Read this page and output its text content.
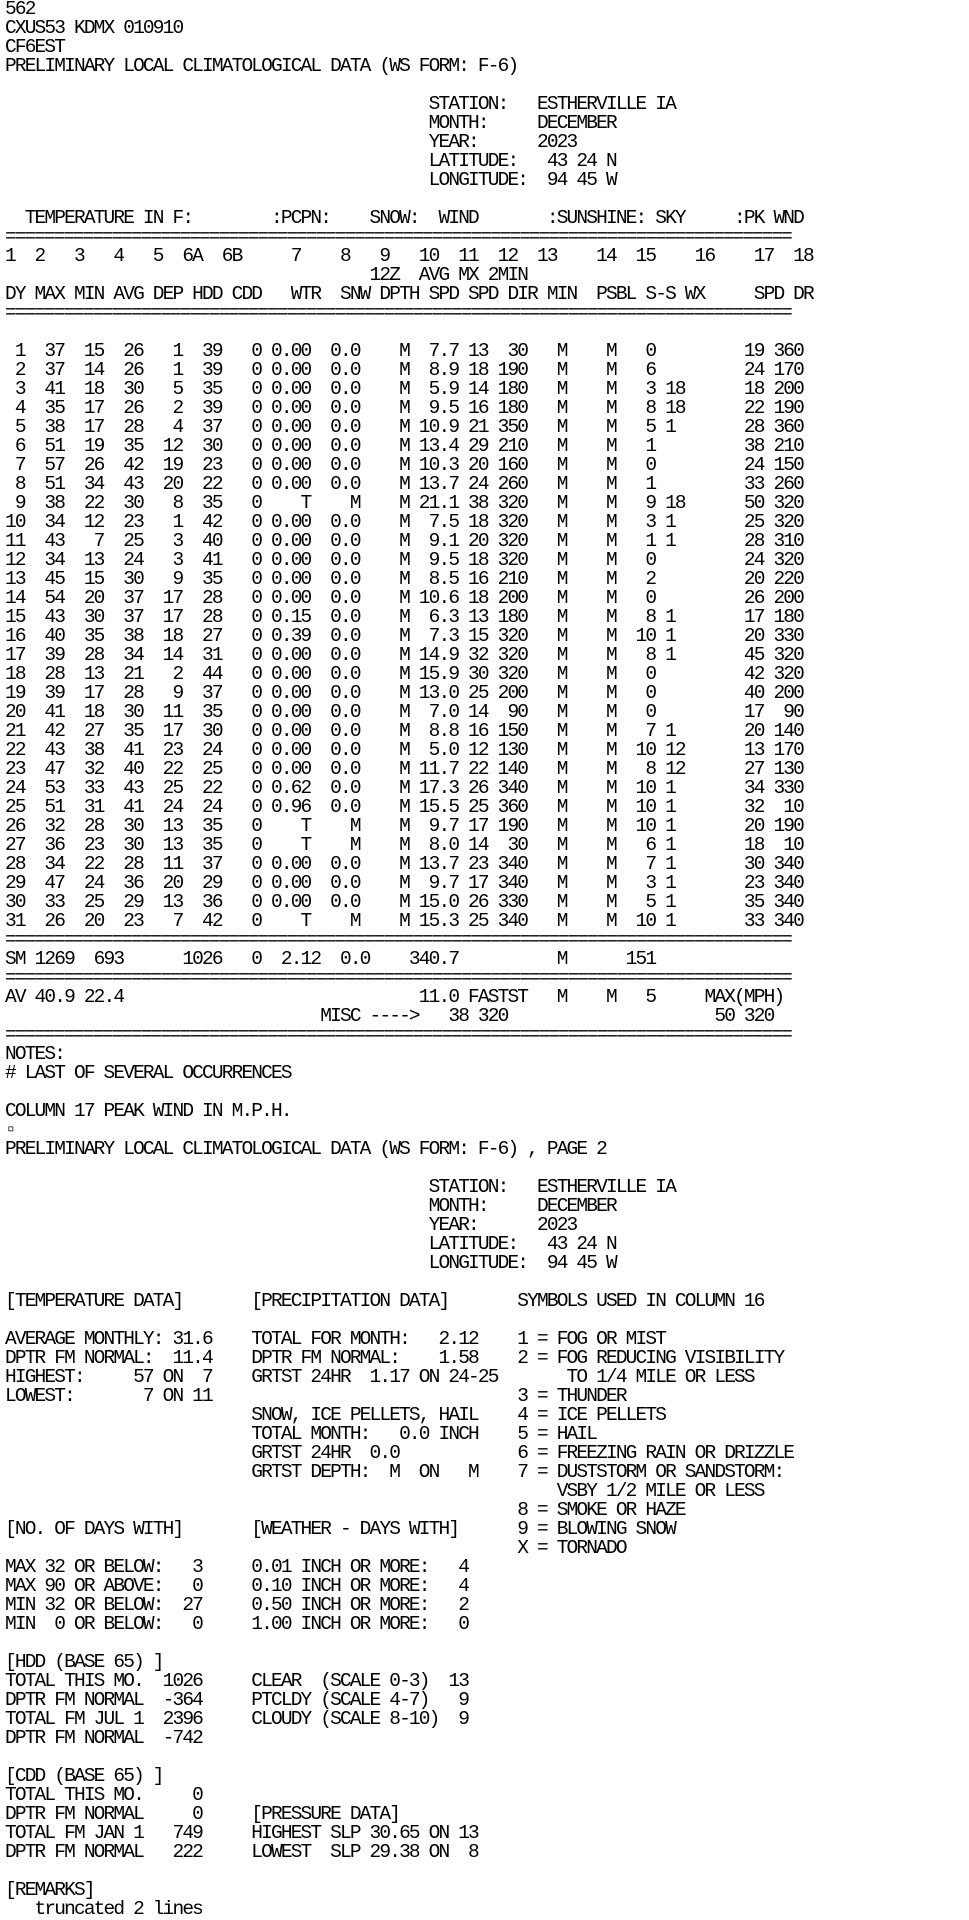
562
CXUS53 KDMX 010910
CF6EST
PRELIMINARY LOCAL CLIMATOLOGICAL DATA (WS FORM: F-6)
STATION:   ESTHERVILLE IA
MONTH:     DECEMBER
YEAR:      2023
LATITUDE:   43 24 N
LONGITUDE:  94 45 W
TEMPERATURE IN F:        :PCPN:    SNOW:  WIND       :SUNSHINE: SKY     :PK WND
=================================================================================
1  2   3   4   5  6A  6B     7    8   9   10  11  12  13    14  15    16    17  18
12Z  AVG MX 2MIN
DY MAX MIN AVG DEP HDD CDD   WTR  SNW DPTH SPD SPD DIR MIN  PSBL S-S WX     SPD DR
=================================================================================
1  37  15  26   1  39   0 0.00  0.0    M  7.7 13  30   M    M   0         19 360
2  37  14  26   1  39   0 0.00  0.0    M  8.9 18 190   M    M   6         24 170
3  41  18  30   5  35   0 0.00  0.0    M  5.9 14 180   M    M   3 18      18 200
4  35  17  26   2  39   0 0.00  0.0    M  9.5 16 180   M    M   8 18      22 190
5  38  17  28   4  37   0 0.00  0.0    M 10.9 21 350   M    M   5 1       28 360
6  51  19  35  12  30   0 0.00  0.0    M 13.4 29 210   M    M   1         38 210
7  57  26  42  19  23   0 0.00  0.0    M 10.3 20 160   M    M   0         24 150
8  51  34  43  20  22   0 0.00  0.0    M 13.7 24 260   M    M   1         33 260
9  38  22  30   8  35   0    T    M    M 21.1 38 320   M    M   9 18      50 320
10  34  12  23   1  42   0 0.00  0.0    M  7.5 18 320   M    M   3 1       25 320
11  43   7  25   3  40   0 0.00  0.0    M  9.1 20 320   M    M   1 1       28 310
12  34  13  24   3  41   0 0.00  0.0    M  9.5 18 320   M    M   0         24 320
13  45  15  30   9  35   0 0.00  0.0    M  8.5 16 210   M    M   2         20 220
14  54  20  37  17  28   0 0.00  0.0    M 10.6 18 200   M    M   0         26 200
15  43  30  37  17  28   0 0.15  0.0    M  6.3 13 180   M    M   8 1       17 180
16  40  35  38  18  27   0 0.39  0.0    M  7.3 15 320   M    M  10 1       20 330
17  39  28  34  14  31   0 0.00  0.0    M 14.9 32 320   M    M   8 1       45 320
18  28  13  21   2  44   0 0.00  0.0    M 15.9 30 320   M    M   0         42 320
19  39  17  28   9  37   0 0.00  0.0    M 13.0 25 200   M    M   0         40 200
20  41  18  30  11  35   0 0.00  0.0    M  7.0 14  90   M    M   0         17  90
21  42  27  35  17  30   0 0.00  0.0    M  8.8 16 150   M    M   7 1       20 140
22  43  38  41  23  24   0 0.00  0.0    M  5.0 12 130   M    M  10 12      13 170
23  47  32  40  22  25   0 0.00  0.0    M 11.7 22 140   M    M   8 12      27 130
24  53  33  43  25  22   0 0.62  0.0    M 17.3 26 340   M    M  10 1       34 330
25  51  31  41  24  24   0 0.96  0.0    M 15.5 25 360   M    M  10 1       32  10
26  32  28  30  13  35   0    T    M    M  9.7 17 190   M    M  10 1       20 190
27  36  23  30  13  35   0    T    M    M  8.0 14  30   M    M   6 1       18  10
28  34  22  28  11  37   0 0.00  0.0    M 13.7 23 340   M    M   7 1       30 340
29  47  24  36  20  29   0 0.00  0.0    M  9.7 17 340   M    M   3 1       23 340
30  33  25  29  13  36   0 0.00  0.0    M 15.0 26 330   M    M   5 1       35 340
31  26  20  23   7  42   0    T    M    M 15.3 25 340   M    M  10 1       33 340
=================================================================================
SM 1269  693      1026   0  2.12  0.0    340.7          M      151
=================================================================================
AV 40.9 22.4                              11.0 FASTST   M    M   5     MAX(MPH)
MISC ---->   38 320                     50 320
=================================================================================
NOTES:
# LAST OF SEVERAL OCCURRENCES
COLUMN 17 PEAK WIND IN M.P.H.
▫
PRELIMINARY LOCAL CLIMATOLOGICAL DATA (WS FORM: F-6) , PAGE 2
STATION:   ESTHERVILLE IA
MONTH:     DECEMBER
YEAR:      2023
LATITUDE:   43 24 N
LONGITUDE:  94 45 W
[TEMPERATURE DATA]       [PRECIPITATION DATA]       SYMBOLS USED IN COLUMN 16
AVERAGE MONTHLY: 31.6    TOTAL FOR MONTH:   2.12    1 = FOG OR MIST
DPTR FM NORMAL:  11.4    DPTR FM NORMAL:    1.58    2 = FOG REDUCING VISIBILITY
HIGHEST:     57 ON  7    GRTST 24HR  1.17 ON 24-25       TO 1/4 MILE OR LESS
LOWEST:       7 ON 11                               3 = THUNDER
SNOW, ICE PELLETS, HAIL    4 = ICE PELLETS
TOTAL MONTH:   0.0 INCH    5 = HAIL
GRTST 24HR  0.0            6 = FREEZING RAIN OR DRIZZLE
GRTST DEPTH:  M  ON   M    7 = DUSTSTORM OR SANDSTORM:
VSBY 1/2 MILE OR LESS
8 = SMOKE OR HAZE
[NO. OF DAYS WITH]       [WEATHER - DAYS WITH]      9 = BLOWING SNOW
X = TORNADO
MAX 32 OR BELOW:   3     0.01 INCH OR MORE:   4
MAX 90 OR ABOVE:   0     0.10 INCH OR MORE:   4
MIN 32 OR BELOW:  27     0.50 INCH OR MORE:   2
MIN  0 OR BELOW:   0     1.00 INCH OR MORE:   0
[HDD (BASE 65) ]
TOTAL THIS MO.  1026     CLEAR  (SCALE 0-3)  13
DPTR FM NORMAL  -364     PTCLDY (SCALE 4-7)   9
TOTAL FM JUL 1  2396     CLOUDY (SCALE 8-10)  9
DPTR FM NORMAL  -742
[CDD (BASE 65) ]
TOTAL THIS MO.     0
DPTR FM NORMAL     0     [PRESSURE DATA]
TOTAL FM JAN 1   749     HIGHEST SLP 30.65 ON 13
DPTR FM NORMAL   222     LOWEST  SLP 29.38 ON  8
[REMARKS]
truncated 2 lines
